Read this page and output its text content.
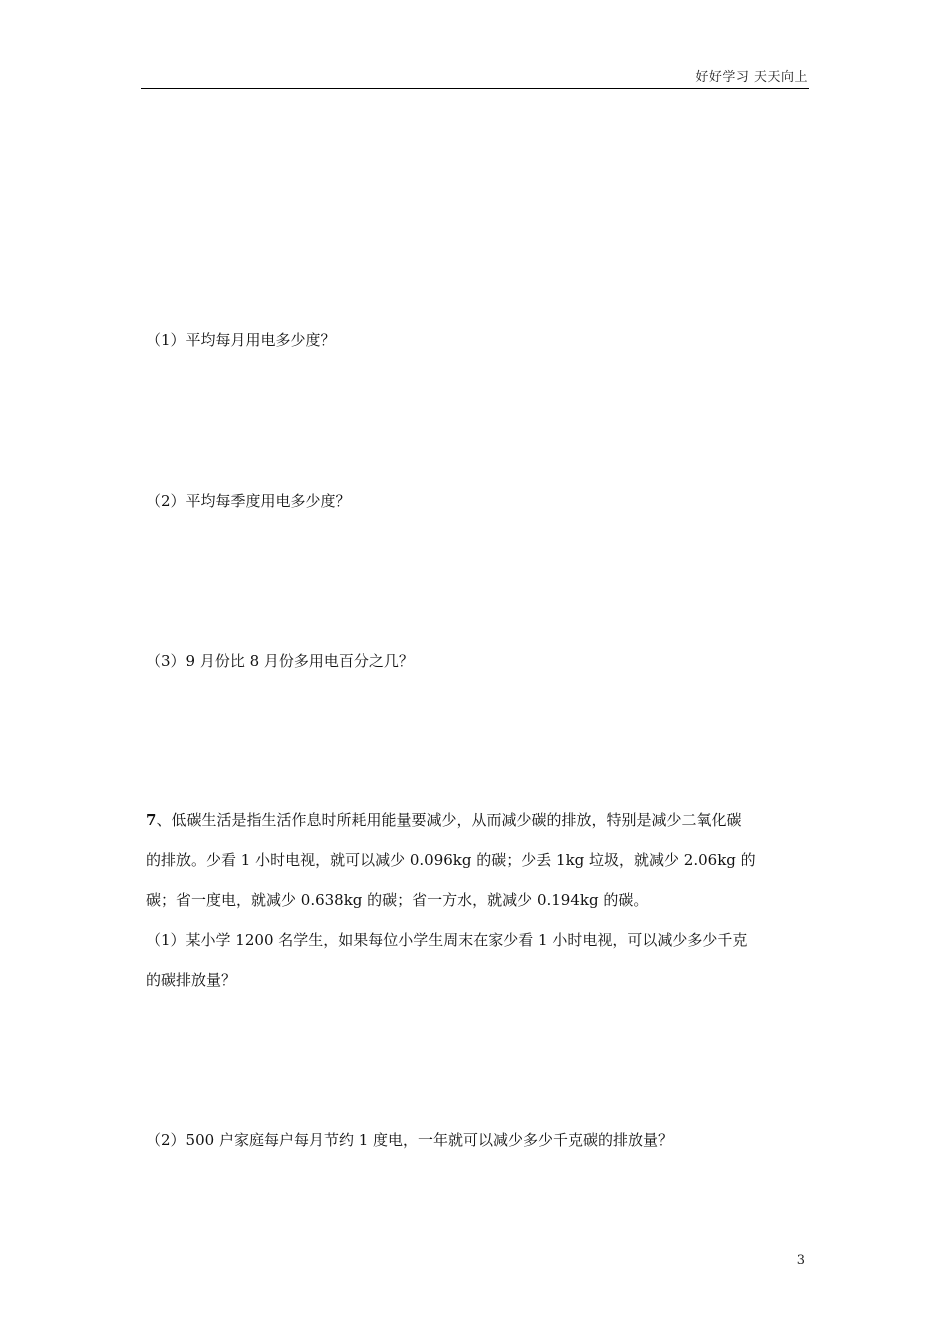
好好学习 天天向上
（1）平均每月用电多少度？
（2）平均每季度用电多少度？
（3）9 月份比 8 月份多用电百分之几？
7、低碳生活是指生活作息时所耗用能量要减少，从而减少碳的排放，特别是减少二氧化碳
的排放。少看 1 小时电视，就可以减少 0.096kg 的碳；少丢 1kg 垃圾，就减少 2.06kg 的
碳；省一度电，就减少 0.638kg 的碳；省一方水，就减少 0.194kg 的碳。
（1）某小学 1200 名学生，如果每位小学生周末在家少看 1 小时电视，可以减少多少千克
的碳排放量？
（2）500 户家庭每户每月节约 1 度电，一年就可以减少多少千克碳的排放量？
3
